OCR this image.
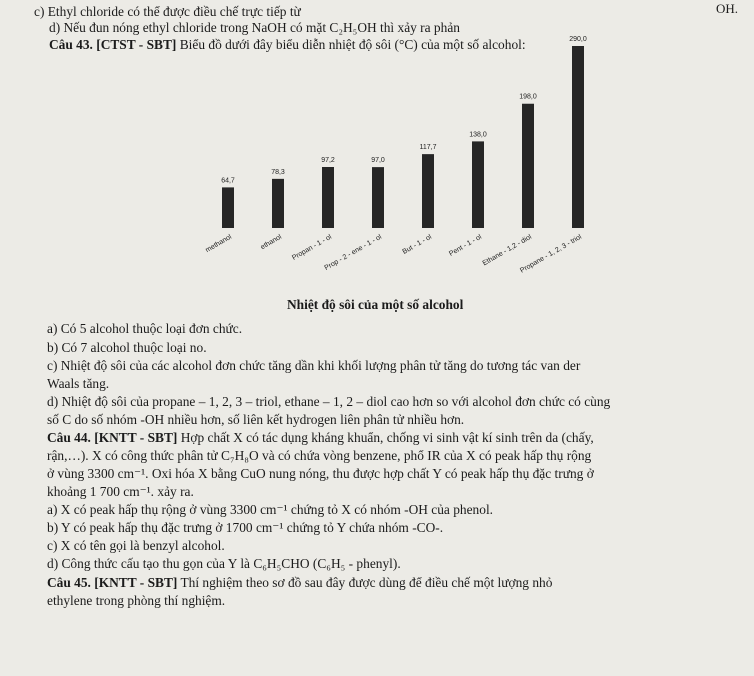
c) Ethyl chloride có thể được điều chế trực tiếp từ	OH.
d) Nếu đun nóng ethyl chloride trong NaOH có mặt C₂H₅OH thì xảy ra phản
Câu 43. [CTST - SBT] Biểu đồ dưới đây biểu diễn nhiệt độ sôi (°C) của một số alcohol:
64,7
78,3
97,2	97,0
117,7
138,0
198,0
290,0
methanol	ethanol Propan - 1 - ol
Prop - 2 - ene - 1 - ol	But - 1 - ol Pent - 1 - ol
Ethane - 1,2 - diol
Propane - 1, 2, 3 - triol
Nhiệt độ sôi của một số alcohol
a) Có 5 alcohol thuộc loại đơn chức.
b) Có 7 alcohol thuộc loại no.
c) Nhiệt độ sôi của các alcohol đơn chức tăng dần khi khối lượng phân tử tăng do tương tác van der
Waals tăng.
d) Nhiệt độ sôi của propane – 1, 2, 3 – triol, ethane – 1, 2 – diol cao hơn so với alcohol đơn chức có cùng
số C do số nhóm -OH nhiều hơn, số liên kết hydrogen liên phân tử nhiều hơn.
Câu 44. [KNTT - SBT] Hợp chất X có tác dụng kháng khuẩn, chống vi sinh vật kí sinh trên da (chấy,
rận,…). X có công thức phân tử C₇H₈O và có chứa vòng benzene, phổ IR của X có peak hấp thụ rộng
ở vùng 3300 cm⁻¹. Oxi hóa X bằng CuO nung nóng, thu được hợp chất Y có peak hấp thụ đặc trưng ở
khoảng 1 700 cm⁻¹. xảy ra.
a) X có peak hấp thụ rộng ở vùng 3300 cm⁻¹ chứng tỏ X có nhóm -OH của phenol.
b) Y có peak hấp thụ đặc trưng ở 1700 cm⁻¹ chứng tỏ Y chứa nhóm -CO-.
c) X có tên gọi là benzyl alcohol.
d) Công thức cấu tạo thu gọn của Y là C₆H₅CHO (C₆H₅ - phenyl).
Câu 45. [KNTT - SBT] Thí nghiệm theo sơ đồ sau đây được dùng để điều chế một lượng nhỏ
ethylene trong phòng thí nghiệm.
